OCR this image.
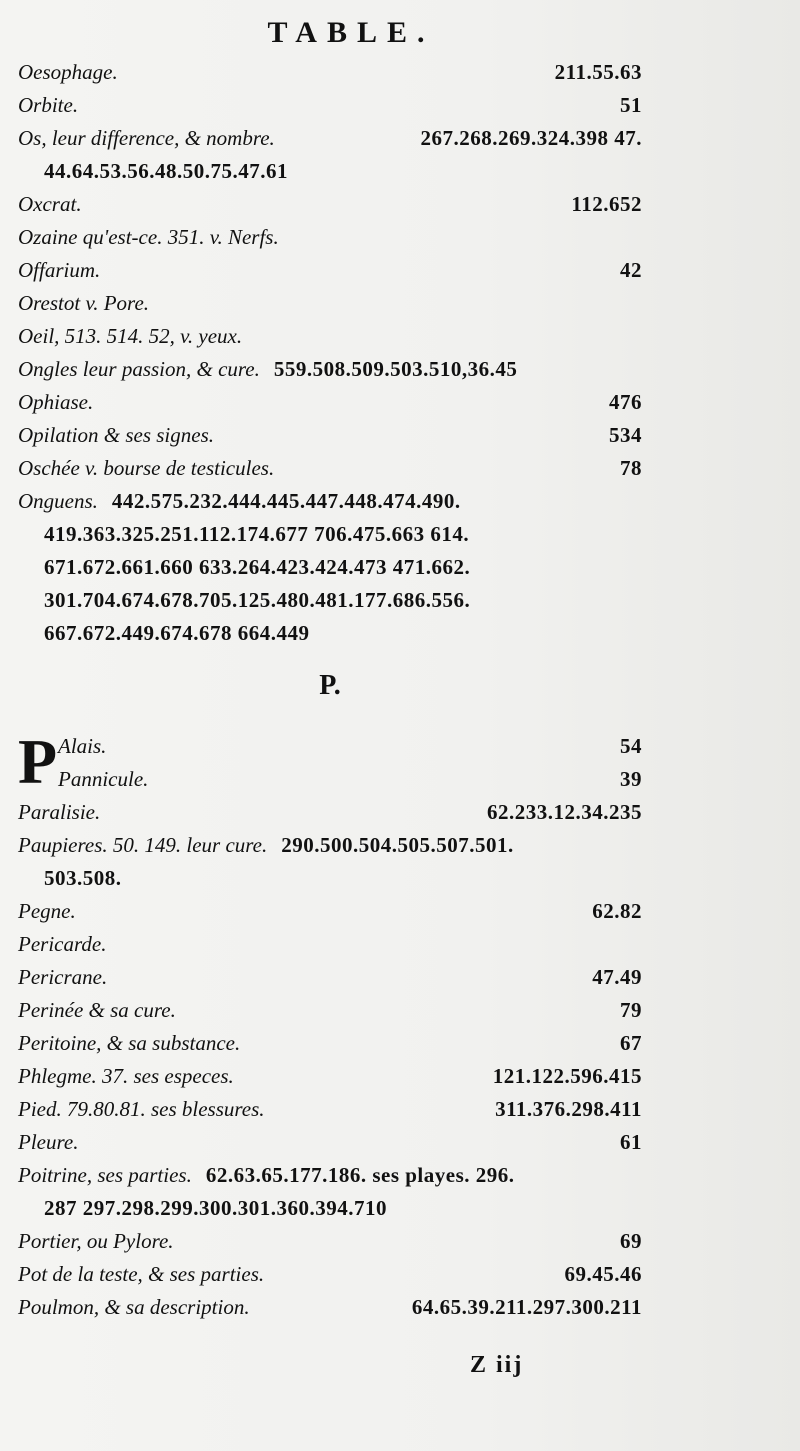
TABLE.
Oesophage.	211.55.63
Orbite.	51
Os, leur difference, & nombre.	267.268.269.324.398 47.
44.64.53.56.48.50.75.47.61
Oxcrat.	112.652
Ozaine qu'est-ce. 351. v. Nerfs.
Offarium.	42
Orestot v. Pore.
Oeil, 513. 514. 52, v. yeux.
Ongles leur passion, & cure. 559.508.509.503.510,36.45
Ophiase.	476
Opilation & ses signes.	534
Oschée v. bourse de testicules.	78
Onguens. 442.575.232.444.445.447.448.474.490.
419.363.325.251.112.174.677 706.475.663 614.
671.672.661.660 633.264.423.424.473 471.662.
301.704.674.678.705.125.480.481.177.686.556.
667.672.449.674.678 664.449
P.
P Alais.	54
Pannicule.	39
Paralisie.	62.233.12.34.235
Paupieres. 50. 149. leur cure. 290.500.504.505.507.501.
503.508.
Pegne.	62.82
Pericarde.
Pericrane.	47.49
Perinée & sa cure.	79
Peritoine, & sa substance.	67
Phlegme. 37. ses especes.	121.122.596.415
Pied. 79.80.81. ses blessures.	311.376.298.411
Pleure.	61
Poitrine, ses parties. 62.63.65.177.186. ses playes. 296.
287 297.298.299.300.301.360.394.710
Portier, ou Pylore.	69
Pot de la teste, & ses parties.	69.45.46
Poulmon, & sa description.	64.65.39.211.297.300.211
Z iij
